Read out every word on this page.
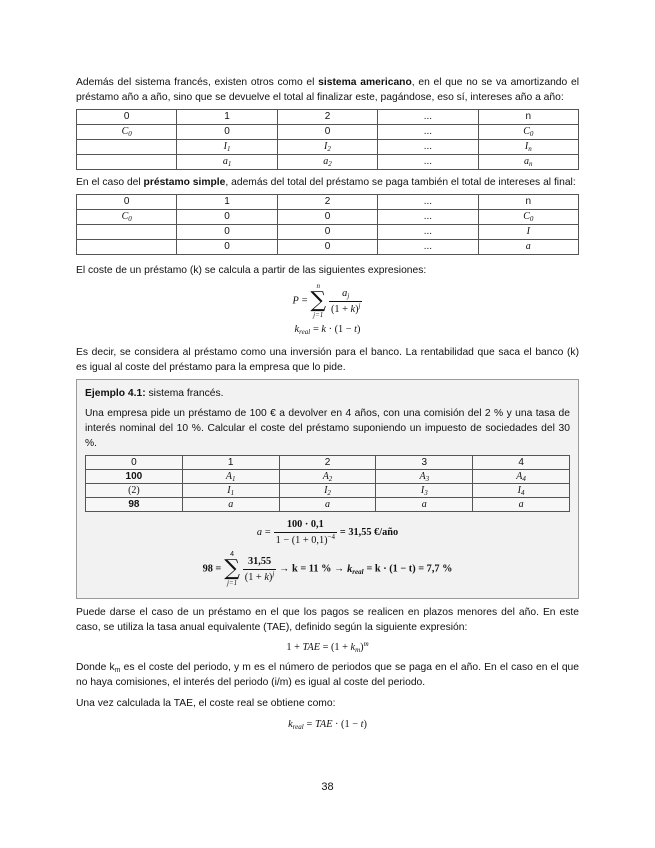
Además del sistema francés, existen otros como el sistema americano, en el que no se va amortizando el préstamo año a año, sino que se devuelve el total al finalizar este, pagándose, eso sí, intereses año a año:

0	1	2	...	n
$C_0$	0	0	...	$C_0$
	$I_1$	$I_2$	...	$I_n$
	$a_1$	$a_2$	...	$a_n$

En el caso del préstamo simple, además del total del préstamo se paga también el total de intereses al final:

0	1	2	...	n
$C_0$	0	0	...	$C_0$
	0	0	...	I
	0	0	...	a

El coste de un préstamo (k) se calcula a partir de las siguientes expresiones:

P =
n
∑
j=1
$\frac{a_j}{(1 + k)^j}$
$k_{real} = k \cdot (1 - t)$

Es decir, se considera al préstamo como una inversión para el banco. La rentabilidad que saca el banco (k) es igual al coste del préstamo para la empresa que lo pide.

Ejemplo 4.1: sistema francés.

Una empresa pide un préstamo de 100 € a devolver en 4 años, con una comisión del 2 % y una tasa de interés nominal del 10 %. Calcular el coste del préstamo suponiendo un impuesto de sociedades del 30 %.

0	1	2	3	4
100	$A_1$	$A_2$	$A_3$	$A_4$
(2)	$I_1$	$I_2$	$I_3$	$I_4$
98	a	a	a	a
$a = \frac{100 \cdot 0,1}{1 - (1 + 0,1)^{-4}} = 31,55$ €/año
98 =
4
∑
j=1
$\frac{31,55}{(1 + k)^j} \to k = 11$ % → $k_{real} = k \cdot (1 - t) = 7,7$ %

Puede darse el caso de un préstamo en el que los pagos se realicen en plazos menores del año. En este caso, se utiliza la tasa anual equivalente (TAE), definido según la siguiente expresión:

1 + TAE = $(1 + k_m)^m$

Donde $k_m$ es el coste del periodo, y m es el número de periodos que se paga en el año. En el caso en el que no haya comisiones, el interés del periodo (i/m) es igual al coste del periodo.

Una vez calculada la TAE, el coste real se obtiene como:

$k_{real}$ = TAE · (1 − t)
38
